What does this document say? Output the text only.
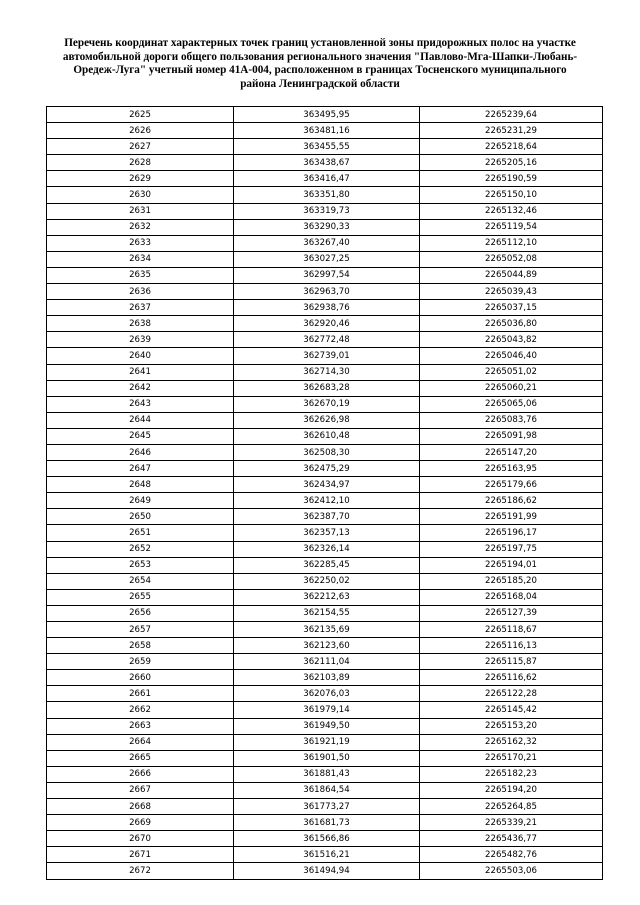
Перечень координат характерных точек границ установленной зоны придорожных полос на участке
автомобильной дороги общего пользования регионального значения "Павлово-Мга-Шапки-Любань-
Оредеж-Луга" учетный номер 41А-004, расположенном в границах Тосненского муниципального
района Ленинградской области
2625	363495,95	2265239,64
2626	363481,16	2265231,29
2627	363455,55	2265218,64
2628	363438,67	2265205,16
2629	363416,47	2265190,59
2630	363351,80	2265150,10
2631	363319,73	2265132,46
2632	363290,33	2265119,54
2633	363267,40	2265112,10
2634	363027,25	2265052,08
2635	362997,54	2265044,89
2636	362963,70	2265039,43
2637	362938,76	2265037,15
2638	362920,46	2265036,80
2639	362772,48	2265043,82
2640	362739,01	2265046,40
2641	362714,30	2265051,02
2642	362683,28	2265060,21
2643	362670,19	2265065,06
2644	362626,98	2265083,76
2645	362610,48	2265091,98
2646	362508,30	2265147,20
2647	362475,29	2265163,95
2648	362434,97	2265179,66
2649	362412,10	2265186,62
2650	362387,70	2265191,99
2651	362357,13	2265196,17
2652	362326,14	2265197,75
2653	362285,45	2265194,01
2654	362250,02	2265185,20
2655	362212,63	2265168,04
2656	362154,55	2265127,39
2657	362135,69	2265118,67
2658	362123,60	2265116,13
2659	362111,04	2265115,87
2660	362103,89	2265116,62
2661	362076,03	2265122,28
2662	361979,14	2265145,42
2663	361949,50	2265153,20
2664	361921,19	2265162,32
2665	361901,50	2265170,21
2666	361881,43	2265182,23
2667	361864,54	2265194,20
2668	361773,27	2265264,85
2669	361681,73	2265339,21
2670	361566,86	2265436,77
2671	361516,21	2265482,76
2672	361494,94	2265503,06
